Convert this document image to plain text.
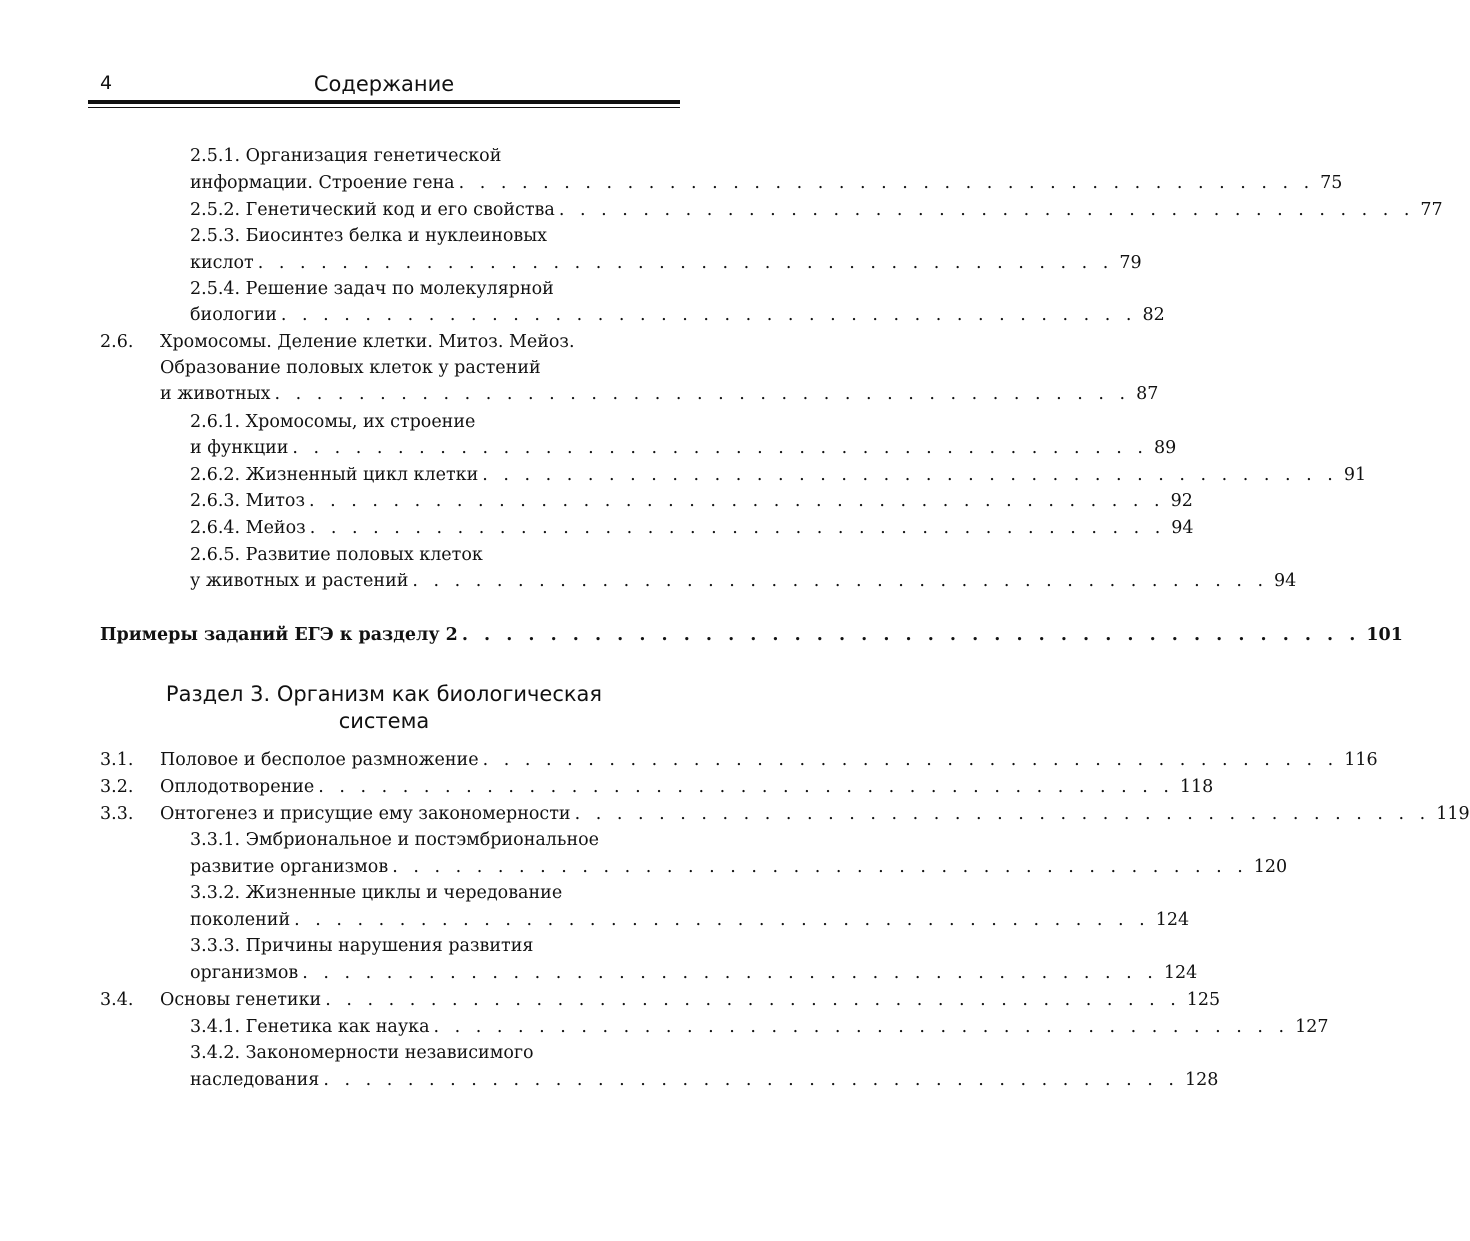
4	Содержание
2.5.1. Организация генетической
информации. Строение гена . . . . . . . . . . . . . . . . . . . . . . . . . . . . . . . . . . . . . . . . . 75
2.5.2. Генетический код и его свойства . . . . . . . . . . . . . . . . . . . . . . . . . . . . . . . . . . . . . . . . . 77
2.5.3. Биосинтез белка и нуклеиновых
кислот . . . . . . . . . . . . . . . . . . . . . . . . . . . . . . . . . . . . . . . . . 79
2.5.4. Решение задач по молекулярной
биологии . . . . . . . . . . . . . . . . . . . . . . . . . . . . . . . . . . . . . . . . . 82
2.6. Хромосомы. Деление клетки. Митоз. Мейоз.
Образование половых клеток у растений
и животных . . . . . . . . . . . . . . . . . . . . . . . . . . . . . . . . . . . . . . . . . 87
2.6.1. Хромосомы, их строение
и функции . . . . . . . . . . . . . . . . . . . . . . . . . . . . . . . . . . . . . . . . . 89
2.6.2. Жизненный цикл клетки . . . . . . . . . . . . . . . . . . . . . . . . . . . . . . . . . . . . . . . . . 91
2.6.3. Митоз . . . . . . . . . . . . . . . . . . . . . . . . . . . . . . . . . . . . . . . . . 92
2.6.4. Мейоз . . . . . . . . . . . . . . . . . . . . . . . . . . . . . . . . . . . . . . . . . 94
2.6.5. Развитие половых клеток
у животных и растений . . . . . . . . . . . . . . . . . . . . . . . . . . . . . . . . . . . . . . . . . 94
Примеры заданий ЕГЭ к разделу 2 . . . . . . . . . . . . . . . . . . . . . . . . . . . . . . . . . . . . . . . . . 101
Раздел 3. Организм как биологическая
система
3.1. Половое и бесполое размножение . . . . . . . . . . . . . . . . . . . . . . . . . . . . . . . . . . . . . . . . . 116
3.2. Оплодотворение . . . . . . . . . . . . . . . . . . . . . . . . . . . . . . . . . . . . . . . . . 118
3.3. Онтогенез и присущие ему закономерности . . . . . . . . . . . . . . . . . . . . . . . . . . . . . . . . . . . . . . . . . 119
3.3.1. Эмбриональное и постэмбриональное
развитие организмов . . . . . . . . . . . . . . . . . . . . . . . . . . . . . . . . . . . . . . . . . 120
3.3.2. Жизненные циклы и чередование
поколений . . . . . . . . . . . . . . . . . . . . . . . . . . . . . . . . . . . . . . . . . 124
3.3.3. Причины нарушения развития
организмов . . . . . . . . . . . . . . . . . . . . . . . . . . . . . . . . . . . . . . . . . 124
3.4. Основы генетики . . . . . . . . . . . . . . . . . . . . . . . . . . . . . . . . . . . . . . . . . 125
3.4.1. Генетика как наука . . . . . . . . . . . . . . . . . . . . . . . . . . . . . . . . . . . . . . . . . 127
3.4.2. Закономерности независимого
наследования . . . . . . . . . . . . . . . . . . . . . . . . . . . . . . . . . . . . . . . . . 128
